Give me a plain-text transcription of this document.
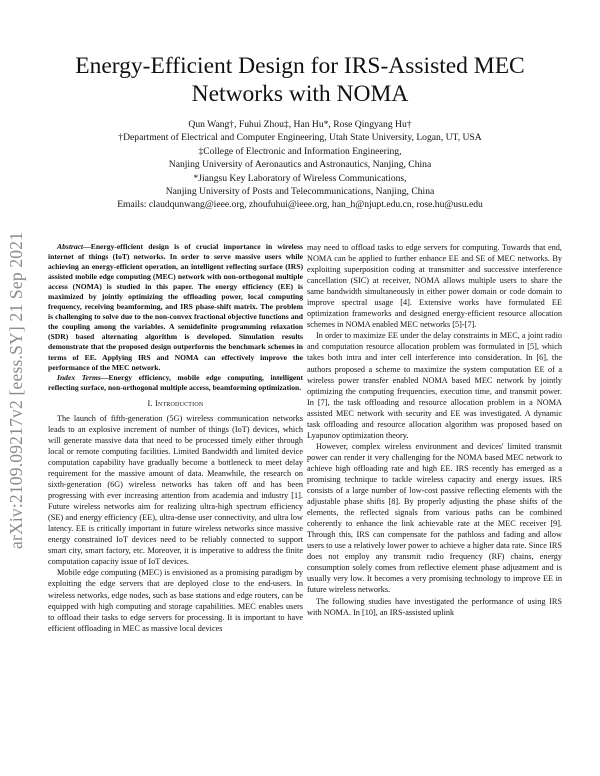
arXiv:2109.09217v2 [eess.SY] 21 Sep 2021
Energy-Efficient Design for IRS-Assisted MEC
Networks with NOMA
Qun Wang†, Fuhui Zhou‡, Han Hu*, Rose Qingyang Hu†
†Department of Electrical and Computer Engineering, Utah State University, Logan, UT, USA
‡College of Electronic and Information Engineering,
Nanjing University of Aeronautics and Astronautics, Nanjing, China
*Jiangsu Key Laboratory of Wireless Communications,
Nanjing University of Posts and Telecommunications, Nanjing, China
Emails: claudqunwang@ieee.org, zhoufuhui@ieee.org, han_h@njupt.edu.cn, rose.hu@usu.edu

Abstract—Energy-efficient design is of crucial importance in wireless internet of things (IoT) networks. In order to serve massive users while achieving an energy-efficient operation, an intelligent reflecting surface (IRS) assisted mobile edge computing (MEC) network with non-orthogonal multiple access (NOMA) is studied in this paper. The energy efficiency (EE) is maximized by jointly optimizing the offloading power, local computing frequency, receiving beamforming, and IRS phase-shift matrix. The problem is challenging to solve due to the non-convex fractional objective functions and the coupling among the variables. A semidefinite programming relaxation (SDR) based alternating algorithm is developed. Simulation results demonstrate that the proposed design outperforms the benchmark schemes in terms of EE. Applying IRS and NOMA can effectively improve the performance of the MEC network.

Index Terms—Energy efficiency, mobile edge computing, intelligent reflecting surface, non-orthogonal multiple access, beamforming optimization.

I. Introduction

The launch of fifth-generation (5G) wireless communication networks leads to an explosive increment of number of things (IoT) devices, which will generate massive data that need to be processed timely either through local or remote computing facilities. Limited Bandwidth and limited device computation capability have gradually become a bottleneck to meet delay requirement for the massive amount of data. Meanwhile, the research on sixth-generation (6G) wireless networks has taken off and has been progressing with ever increasing attention from academia and industry [1]. Future wireless networks aim for realizing ultra-high spectrum efficiency (SE) and energy efficiency (EE), ultra-dense user connectivity, and ultra low latency. EE is critically important in future wireless networks since massive energy constrained IoT devices need to be reliably connected to support smart city, smart factory, etc. Moreover, it is imperative to address the finite computation capacity issue of IoT devices.

Mobile edge computing (MEC) is envisioned as a promising paradigm by exploiting the edge servers that are deployed close to the end-users. In wireless networks, edge nodes, such as base stations and edge routers, can be equipped with high computing and storage capabilities. MEC enables users to offload their tasks to edge servers for processing. It is important to have efficient offloading in MEC as massive local devices

may need to offload tasks to edge servers for computing. Towards that end, NOMA can be applied to further enhance EE and SE of MEC networks. By exploiting superposition coding at transmitter and successive interference cancellation (SIC) at receiver, NOMA allows multiple users to share the same bandwidth simultaneously in either power domain or code domain to improve spectral usage [4]. Extensive works have formulated EE optimization frameworks and designed energy-efficient resource allocation schemes in NOMA enabled MEC networks [5]-[7].

In order to maximize EE under the delay constraints in MEC, a joint radio and computation resource allocation problem was formulated in [5], which takes both intra and inter cell interference into consideration. In [6], the authors proposed a scheme to maximize the system computation EE of a wireless power transfer enabled NOMA based MEC network by jointly optimizing the computing frequencies, execution time, and transmit power. In [7], the task offloading and resource allocation problem in a NOMA assisted MEC network with security and EE was investigated. A dynamic task offloading and resource allocation algorithm was proposed based on Lyapunov optimization theory.

However, complex wireless environment and devices' limited transmit power can render it very challenging for the NOMA based MEC network to achieve high offloading rate and high EE. IRS recently has emerged as a promising technique to tackle wireless capacity and energy issues. IRS consists of a large number of low-cost passive reflecting elements with the adjustable phase shifts [8]. By properly adjusting the phase shifts of the elements, the reflected signals from various paths can be combined coherently to enhance the link achievable rate at the MEC receiver [9]. Through this, IRS can compensate for the pathloss and fading and allow users to use a relatively lower power to achieve a higher data rate. Since IRS does not employ any transmit radio frequency (RF) chains, energy consumption solely comes from reflective element phase adjustment and is usually very low. It becomes a very promising technology to improve EE in future wireless networks.

The following studies have investigated the performance of using IRS with NOMA. In [10], an IRS-assisted uplink
